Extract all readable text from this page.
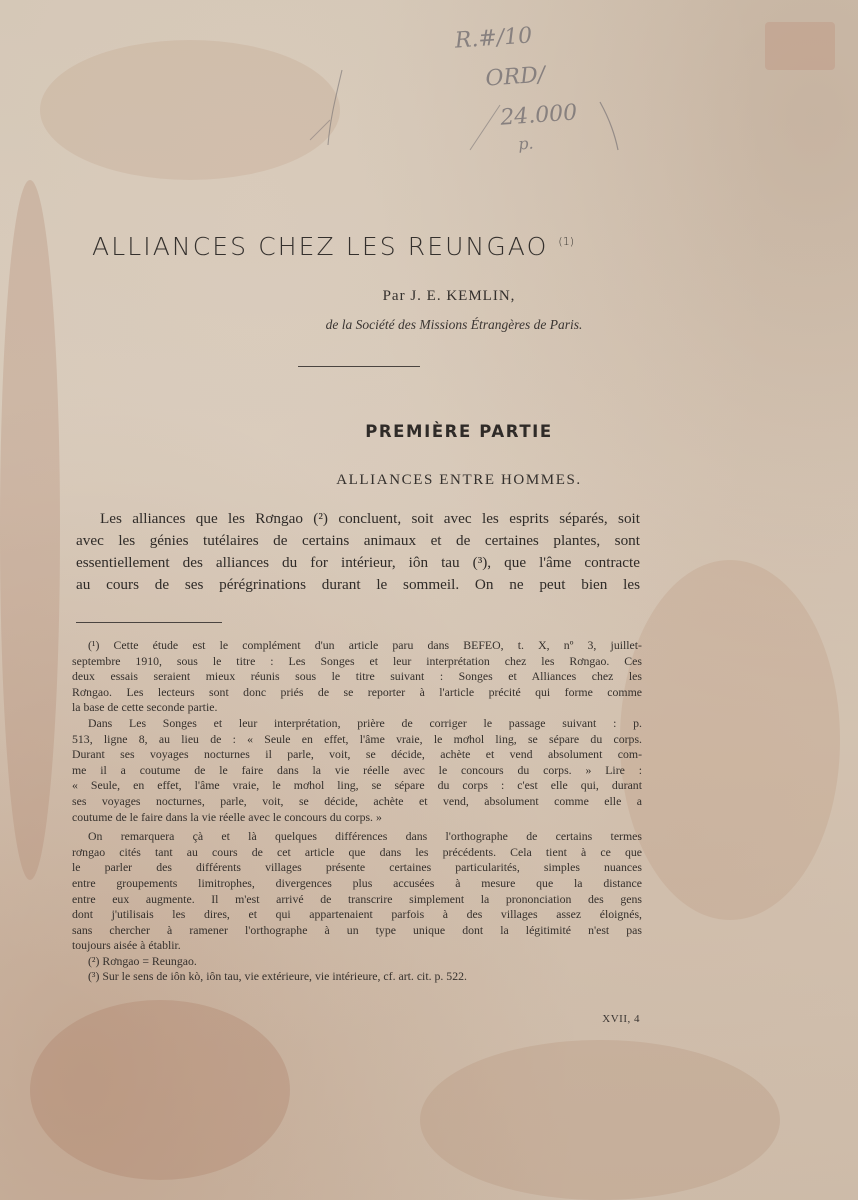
R.#/10
ORD/
24.000
p.
ALLIANCES CHEZ LES REUNGAO $^{(1)}$
Par J. E. KEMLIN,
de la Société des Missions Étrangères de Paris.
PREMIÈRE PARTIE
ALLIANCES ENTRE HOMMES.
Les alliances que les Rơngao (²) concluent, soit avec les esprits séparés, soit
avec les génies tutélaires de certains animaux et de certaines plantes, sont
essentiellement des alliances du for intérieur, iôn tau (³), que l'âme contracte
au cours de ses pérégrinations durant le sommeil. On ne peut bien les
(¹) Cette étude est le complément d'un article paru dans BEFEO, t. X, nº 3, juillet-
septembre 1910, sous le titre : Les Songes et leur interprétation chez les Rơngao. Ces
deux essais seraient mieux réunis sous le titre suivant : Songes et Alliances chez les
Rơngao. Les lecteurs sont donc priés de se reporter à l'article précité qui forme comme
la base de cette seconde partie.
Dans Les Songes et leur interprétation, prière de corriger le passage suivant : p.
513, ligne 8, au lieu de : « Seule en effet, l'âme vraie, le mơhol ling, se sépare du corps.
Durant ses voyages nocturnes il parle, voit, se décide, achète et vend absolument com-
me il a coutume de le faire dans la vie réelle avec le concours du corps. » Lire :
« Seule, en effet, l'âme vraie, le mơhol ling, se sépare du corps : c'est elle qui, durant
ses voyages nocturnes, parle, voit, se décide, achète et vend, absolument comme elle a
coutume de le faire dans la vie réelle avec le concours du corps. »
On remarquera çà et là quelques différences dans l'orthographe de certains termes
rơngao cités tant au cours de cet article que dans les précédents. Cela tient à ce que
le parler des différents villages présente certaines particularités, simples nuances
entre groupements limitrophes, divergences plus accusées à mesure que la distance
entre eux augmente. Il m'est arrivé de transcrire simplement la prononciation des gens
dont j'utilisais les dires, et qui appartenaient parfois à des villages assez éloignés,
sans chercher à ramener l'orthographe à un type unique dont la légitimité n'est pas
toujours aisée à établir.
(²) Rơngao = Reungao.
(³) Sur le sens de iôn kò, iôn tau, vie extérieure, vie intérieure, cf. art. cit. p. 522.
XVII, 4
